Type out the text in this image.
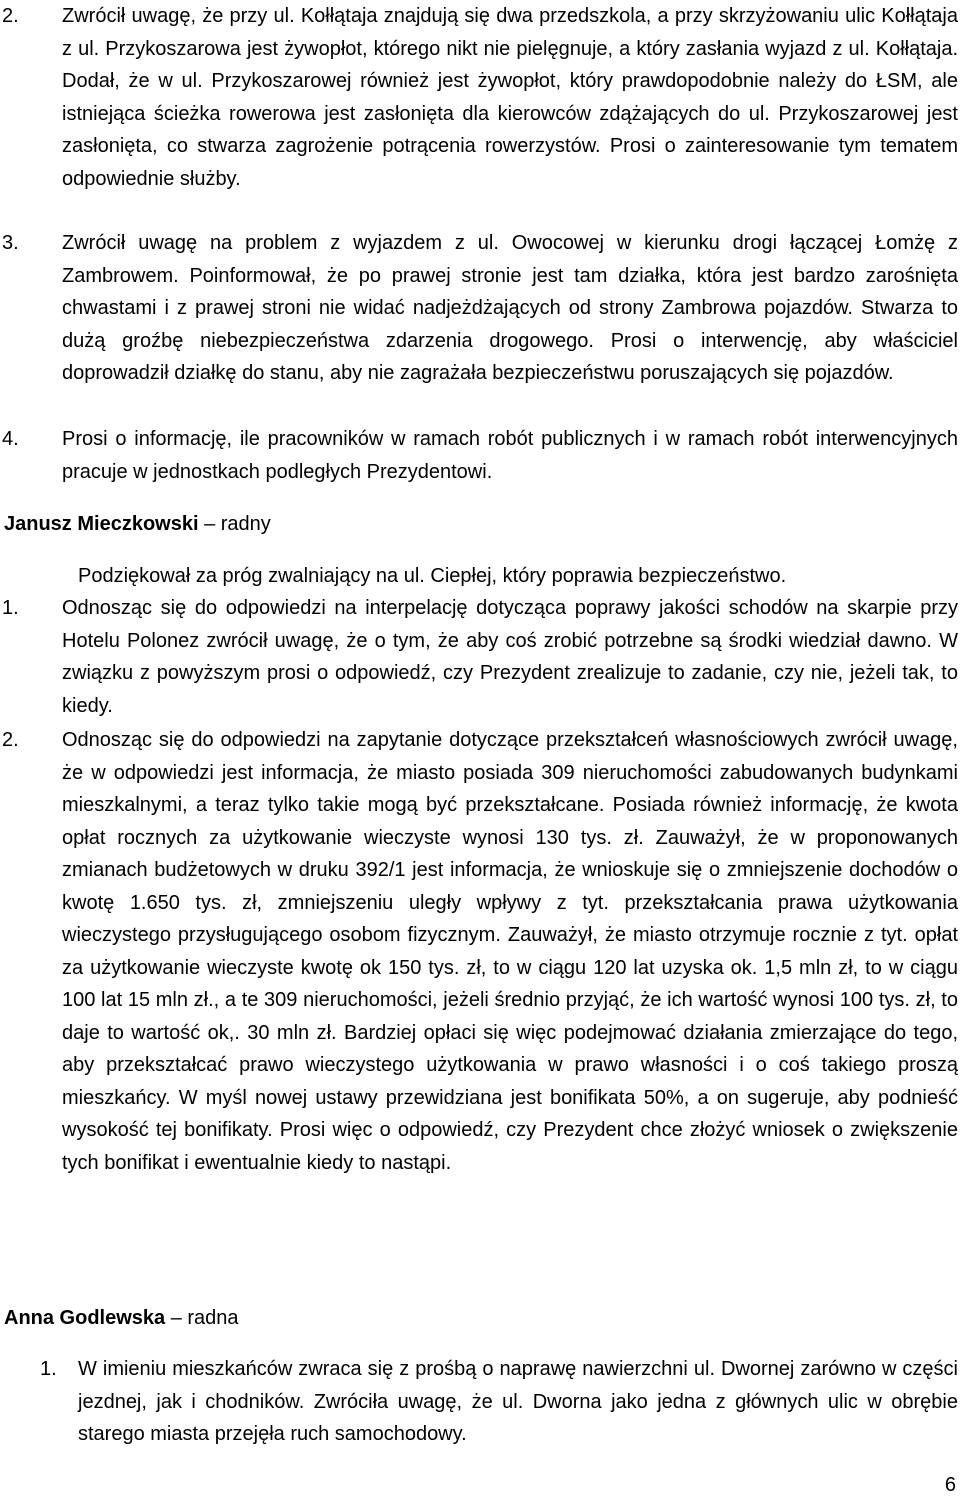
2. Zwrócił uwagę, że przy ul. Kołłątaja znajdują się dwa przedszkola, a przy skrzyżowaniu ulic Kołłątaja z ul. Przykoszarowa jest żywopłot, którego nikt nie pielęgnuje, a który zasłania wyjazd z ul. Kołłątaja. Dodał, że w ul. Przykoszarowej również jest żywopłot, który prawdopodobnie należy do ŁSM, ale istniejąca ścieżka rowerowa jest zasłonięta dla kierowców zdążających do ul. Przykoszarowej jest zasłonięta, co stwarza zagrożenie potrącenia rowerzystów. Prosi o zainteresowanie tym tematem odpowiednie służby.
3. Zwrócił uwagę na problem z wyjazdem z ul. Owocowej w kierunku drogi łączącej Łomżę z Zambrowem. Poinformował, że po prawej stronie jest tam działka, która jest bardzo zarośnięta chwastami i z prawej stroni nie widać nadjeżdżających od strony Zambrowa pojazdów. Stwarza to dużą groźbę niebezpieczeństwa zdarzenia drogowego. Prosi o interwencję, aby właściciel doprowadził działkę do stanu, aby nie zagrażała bezpieczeństwu poruszających się pojazdów.
4. Prosi o informację, ile pracowników w ramach robót publicznych i w ramach robót interwencyjnych pracuje w jednostkach podległych Prezydentowi.
Janusz Mieczkowski – radny
Podziękował za próg zwalniający na ul. Ciepłej, który poprawia bezpieczeństwo.
1. Odnosząc się do odpowiedzi na interpelację dotycząca poprawy jakości schodów na skarpie przy Hotelu Polonez zwrócił uwagę, że o tym, że aby coś zrobić potrzebne są środki wiedział dawno. W związku z powyższym prosi o odpowiedź, czy Prezydent zrealizuje to zadanie, czy nie, jeżeli tak, to kiedy.
2. Odnosząc się do odpowiedzi na zapytanie dotyczące przekształceń własnościowych zwrócił uwagę, że w odpowiedzi jest informacja, że miasto posiada 309 nieruchomości zabudowanych budynkami mieszkalnymi, a teraz tylko takie mogą być przekształcane. Posiada również informację, że kwota opłat rocznych za użytkowanie wieczyste wynosi 130 tys. zł. Zauważył, że w proponowanych zmianach budżetowych w druku 392/1 jest informacja, że wnioskuje się o zmniejszenie dochodów o kwotę 1.650 tys. zł, zmniejszeniu uległy wpływy z tyt. przekształcania prawa użytkowania wieczystego przysługującego osobom fizycznym. Zauważył, że miasto otrzymuje rocznie z tyt. opłat za użytkowanie wieczyste kwotę ok 150 tys. zł, to w ciągu 120 lat uzyska ok. 1,5 mln zł, to w ciągu 100 lat 15 mln zł., a te 309 nieruchomości, jeżeli średnio przyjąć, że ich wartość wynosi 100 tys. zł, to daje to wartość ok,. 30 mln zł. Bardziej opłaci się więc podejmować działania zmierzające do tego, aby przekształcać prawo wieczystego użytkowania w prawo własności i o coś takiego proszą mieszkańcy. W myśl nowej ustawy przewidziana jest bonifikata 50%, a on sugeruje, aby podnieść wysokość tej bonifikaty. Prosi więc o odpowiedź, czy Prezydent chce złożyć wniosek o zwiększenie tych bonifikat i ewentualnie kiedy to nastąpi.
Anna Godlewska – radna
1. W imieniu mieszkańców zwraca się z prośbą o naprawę nawierzchni ul. Dwornej zarówno w części jezdnej, jak i chodników. Zwróciła uwagę, że ul. Dworna jako jedna z głównych ulic w obrębie starego miasta przejęła ruch samochodowy.
6
